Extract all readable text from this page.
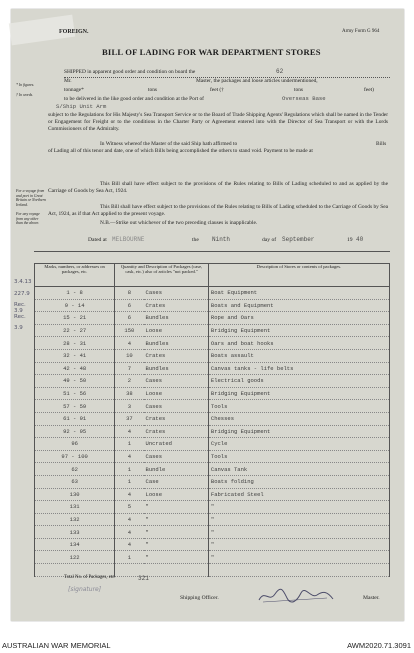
FOREIGN.	Army Form G 964
BILL OF LADING FOR WAR DEPARTMENT STORES
* In figures.
† In words.
For a voyage from and port in Great Britain or Northern Ireland.
For any voyage from any other than the above.
SHIPPED in apparent good order and condition on board the	62
Mr.	Master, the packages and loose articles undermentioned,
tonnage*	tons	feet (†	tons	feet)
to be delivered in the like good order and condition at the Port of
S/Ship Unit Arm
Overseas Base
subject to the Regulations for His Majesty's Sea Transport Service or to the Board of Trade Shipping Agents' Regulations which shall be named in the Tender or Engagement for Freight or to the conditions in the Charter Party or Agreement entered into with the Director of Sea Transport or with the Lords Commissioners of the Admiralty.
In Witness whereof the Master of the said Ship hath affirmed to	Bills
of Lading all of this tenor and date, one of which Bills being accomplished the others to stand void. Payment to be made at
This Bill shall have effect subject to the provisions of the Rules relating to Bills of Lading scheduled to and as applied by the Carriage of Goods by Sea Act, 1924.
This Bill shall have effect subject to the provisions of the Rules relating to Bills of Lading scheduled to the Carriage of Goods by Sea Act, 1924, as if that Act applied to the present voyage.
N.B.—Strike out whichever of the two preceding clauses is inapplicable.
Dated at MELBOURNE	the Ninth	day of September	19 40
3.4.13
227.9
Rec. 3.9
Rec.
3.9
Marks, numbers, or addresses on packages, etc.	Quantity and Description of Packages (case, cask, etc.) also of articles "not packed."		Description of Stores or contents of packages.
1 - 8	8	Cases	Boat Equipment
9 - 14	6	Crates	Boats and Equipment
15 - 21	6	Bundles	Rope and Oars
22 - 27	150	Loose	Bridging Equipment
28 - 31	4	Bundles	Oars and boat hooks
32 - 41	10	Crates	Boats assault
42 - 48	7	Bundles	Canvas tanks - life belts
49 - 50	2	Cases	Electrical goods
51 - 56	38	Loose	Bridging Equipment
57 - 59	3	Cases	Tools
61 - 91	37	Crates	Chesses
92 - 95	4	Crates	Bridging Equipment
96	1	Uncrated	Cycle
97 - 100	4	Cases	Tools
62	1	Bundle	Canvas Tank
63	1	Case	Boats folding
130	4	Loose	Fabricated Steel
131	5	"	"
132	4	"	"
133	4	"	"
134	4	"	"
122	1	"	"

Total No. of Packages, etc.	321
[signature]
Shipping Officer.	Master.
AUSTRALIAN WAR MEMORIAL	AWM2020.71.3091
